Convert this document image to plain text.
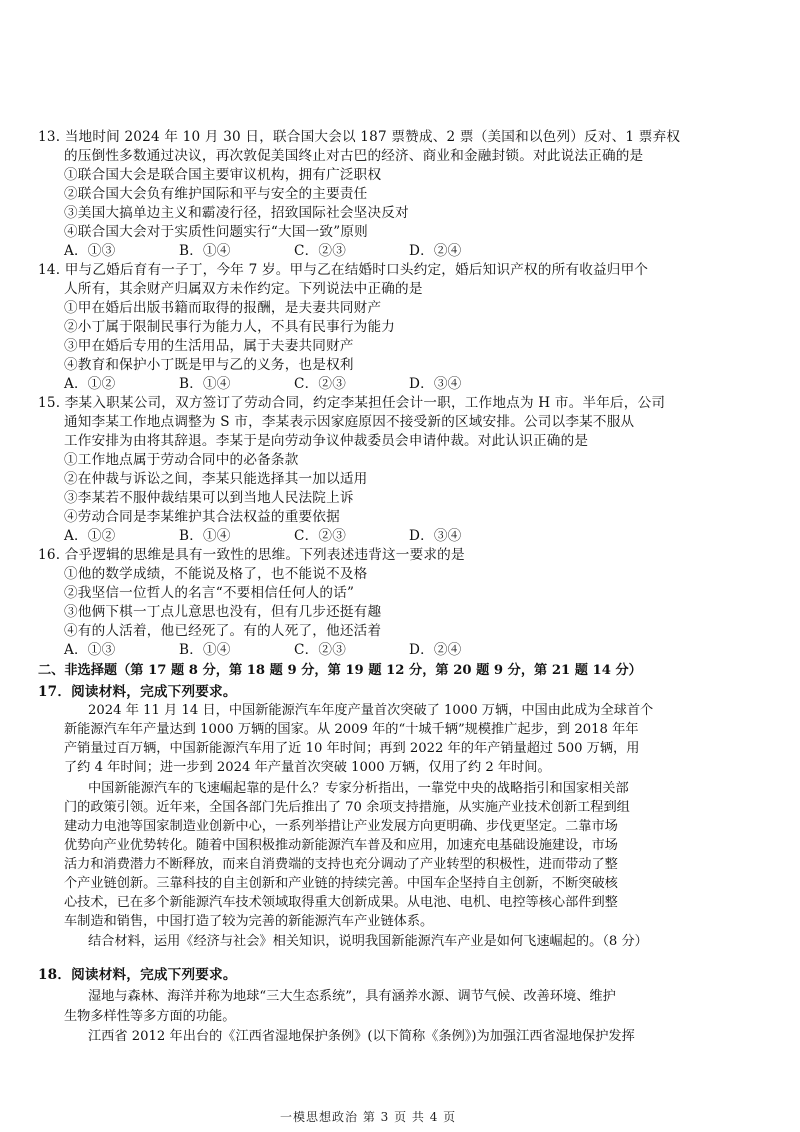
13. 当地时间 2024 年 10 月 30 日，联合国大会以 187 票赞成、2 票（美国和以色列）反对、1 票弃权
的压倒性多数通过决议，再次敦促美国终止对古巴的经济、商业和金融封锁。对此说法正确的是
①联合国大会是联合国主要审议机构，拥有广泛职权
②联合国大会负有维护国际和平与安全的主要责任
③美国大搞单边主义和霸凌行径，招致国际社会坚决反对
④联合国大会对于实质性问题实行“大国一致”原则
A．①③	B．①④	C．②③	D．②④
14. 甲与乙婚后育有一子丁，今年 7 岁。甲与乙在结婚时口头约定，婚后知识产权的所有收益归甲个
人所有，其余财产归属双方未作约定。下列说法中正确的是
①甲在婚后出版书籍而取得的报酬，是夫妻共同财产
②小丁属于限制民事行为能力人，不具有民事行为能力
③甲在婚后专用的生活用品，属于夫妻共同财产
④教育和保护小丁既是甲与乙的义务，也是权利
A．①②	B．①④	C．②③	D．③④
15. 李某入职某公司，双方签订了劳动合同，约定李某担任会计一职，工作地点为 H 市。半年后，公司
通知李某工作地点调整为 S 市，李某表示因家庭原因不接受新的区域安排。公司以李某不服从
工作安排为由将其辞退。李某于是向劳动争议仲裁委员会申请仲裁。对此认识正确的是
①工作地点属于劳动合同中的必备条款
②在仲裁与诉讼之间，李某只能选择其一加以适用
③李某若不服仲裁结果可以到当地人民法院上诉
④劳动合同是李某维护其合法权益的重要依据
A．①②	B．①④	C．②③	D．③④
16. 合乎逻辑的思维是具有一致性的思维。下列表述违背这一要求的是
①他的数学成绩，不能说及格了，也不能说不及格
②我坚信一位哲人的名言“不要相信任何人的话”
③他俩下棋一丁点儿意思也没有，但有几步还挺有趣
④有的人活着，他已经死了。有的人死了，他还活着
A．①③	B．①④	C．②③	D．②④
二、非选择题（第 17 题 8 分，第 18 题 9 分，第 19 题 12 分，第 20 题 9 分，第 21 题 14 分）
17．阅读材料，完成下列要求。
2024 年 11 月 14 日，中国新能源汽车年度产量首次突破了 1000 万辆，中国由此成为全球首个
新能源汽车年产量达到 1000 万辆的国家。从 2009 年的“十城千辆”规模推广起步，到 2018 年年
产销量过百万辆，中国新能源汽车用了近 10 年时间；再到 2022 年的年产销量超过 500 万辆，用
了约 4 年时间；进一步到 2024 年产量首次突破 1000 万辆，仅用了约 2 年时间。
中国新能源汽车的飞速崛起靠的是什么？专家分析指出，一靠党中央的战略指引和国家相关部
门的政策引领。近年来，全国各部门先后推出了 70 余项支持措施，从实施产业技术创新工程到组
建动力电池等国家制造业创新中心，一系列举措让产业发展方向更明确、步伐更坚定。二靠市场
优势向产业优势转化。随着中国积极推动新能源汽车普及和应用，加速充电基础设施建设，市场
活力和消费潜力不断释放，而来自消费端的支持也充分调动了产业转型的积极性，进而带动了整
个产业链创新。三靠科技的自主创新和产业链的持续完善。中国车企坚持自主创新，不断突破核
心技术，已在多个新能源汽车技术领域取得重大创新成果。从电池、电机、电控等核心部件到整
车制造和销售，中国打造了较为完善的新能源汽车产业链体系。
结合材料，运用《经济与社会》相关知识，说明我国新能源汽车产业是如何飞速崛起的。（8 分）
18．阅读材料，完成下列要求。
湿地与森林、海洋并称为地球“三大生态系统”，具有涵养水源、调节气候、改善环境、维护
生物多样性等多方面的功能。
江西省 2012 年出台的《江西省湿地保护条例》(以下简称《条例》)为加强江西省湿地保护发挥
一模思想政治 第 3 页 共 4 页
